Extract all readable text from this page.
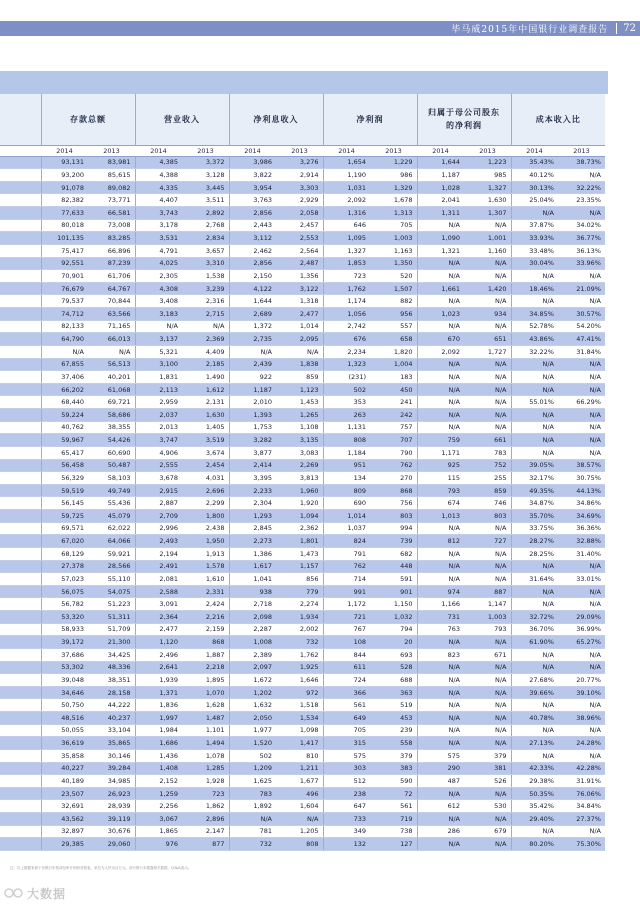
毕马威2015年中国银行业调查报告	72
	存款总额		营业收入		净利息收入		净利润		归属于母公司股东的净利润		成本收入比	
	2014	2013	2014	2013	2014	2013	2014	2013	2014	2013	2014	2013
	93,131	83,981	4,385	3,372	3,986	3,276	1,654	1,229	1,644	1,223	35.43%	38.73%
	93,200	85,615	4,388	3,128	3,822	2,914	1,190	986	1,187	985	40.12%	N/A
	91,078	89,082	4,335	3,445	3,954	3,303	1,031	1,329	1,028	1,327	30.13%	32.22%
	82,382	73,771	4,407	3,511	3,763	2,929	2,092	1,678	2,041	1,630	25.04%	23.35%
	77,633	66,581	3,743	2,892	2,856	2,058	1,316	1,313	1,311	1,307	N/A	N/A
	80,018	73,008	3,178	2,768	2,443	2,457	646	705	N/A	N/A	37.87%	34.02%
	101,135	83,285	3,531	2,834	3,112	2,553	1,095	1,003	1,090	1,001	33.93%	36.77%
	75,417	66,896	4,791	3,657	2,462	2,564	1,327	1,163	1,321	1,160	33.48%	36.13%
	92,551	87,239	4,025	3,310	2,856	2,487	1,853	1,350	N/A	N/A	30.04%	33.96%
	70,901	61,706	2,305	1,538	2,150	1,356	723	520	N/A	N/A	N/A	N/A
	76,679	64,767	4,308	3,239	4,122	3,122	1,762	1,507	1,661	1,420	18.46%	21.09%
	79,537	70,844	3,408	2,316	1,644	1,318	1,174	882	N/A	N/A	N/A	N/A
	74,712	63,566	3,183	2,715	2,689	2,477	1,056	956	1,023	934	34.85%	30.57%
	82,133	71,165	N/A	N/A	1,372	1,014	2,742	557	N/A	N/A	52.78%	54.20%
	64,790	66,013	3,137	2,369	2,735	2,095	676	658	670	651	43.86%	47.41%
	N/A	N/A	5,321	4,409	N/A	N/A	2,234	1,820	2,092	1,727	32.22%	31.84%
	67,855	56,513	3,100	2,185	2,439	1,838	1,323	1,004	N/A	N/A	N/A	N/A
	37,406	40,201	1,831	1,490	922	859	(231)	183	N/A	N/A	N/A	N/A
	66,202	61,068	2,113	1,612	1,187	1,123	502	450	N/A	N/A	N/A	N/A
	68,440	69,721	2,959	2,131	2,010	1,453	353	241	N/A	N/A	55.01%	66.29%
	59,224	58,686	2,037	1,630	1,393	1,265	263	242	N/A	N/A	N/A	N/A
	40,762	38,355	2,013	1,405	1,753	1,108	1,131	757	N/A	N/A	N/A	N/A
	59,967	54,426	3,747	3,519	3,282	3,135	808	707	759	661	N/A	N/A
	65,417	60,690	4,906	3,674	3,877	3,083	1,184	790	1,171	783	N/A	N/A
	56,458	50,487	2,555	2,454	2,414	2,269	951	762	925	752	39.05%	38.57%
	56,329	58,103	3,678	4,031	3,395	3,813	134	270	115	255	32.17%	30.75%
	59,519	49,749	2,915	2,696	2,233	1,960	809	868	793	859	49.35%	44.13%
	56,145	55,436	2,887	2,299	2,304	1,920	690	756	674	746	34.87%	34.86%
	59,725	45,079	2,709	1,800	1,293	1,094	1,014	803	1,013	803	35.70%	34.69%
	69,571	62,022	2,996	2,438	2,845	2,362	1,037	994	N/A	N/A	33.75%	36.36%
	67,020	64,066	2,493	1,950	2,273	1,801	824	739	812	727	28.27%	32.88%
	68,129	59,921	2,194	1,913	1,386	1,473	791	682	N/A	N/A	28.25%	31.40%
	27,378	28,566	2,491	1,578	1,617	1,157	762	448	N/A	N/A	N/A	N/A
	57,023	55,110	2,081	1,610	1,041	856	714	591	N/A	N/A	31.64%	33.01%
	56,075	54,075	2,588	2,331	938	779	991	901	974	887	N/A	N/A
	56,782	51,223	3,091	2,424	2,718	2,274	1,172	1,150	1,166	1,147	N/A	N/A
	53,320	51,311	2,364	2,216	2,098	1,934	721	1,032	731	1,003	32.72%	29.09%
	58,933	51,709	2,477	2,159	2,287	2,002	767	794	763	793	36.70%	36.99%
	39,172	21,300	1,120	868	1,008	732	108	20	N/A	N/A	61.90%	65.27%
	37,686	34,425	2,496	1,887	2,389	1,762	844	693	823	671	N/A	N/A
	53,302	48,336	2,641	2,218	2,097	1,925	611	528	N/A	N/A	N/A	N/A
	39,048	38,351	1,939	1,895	1,672	1,646	724	688	N/A	N/A	27.68%	20.77%
	34,646	28,158	1,371	1,070	1,202	972	366	363	N/A	N/A	39.66%	39.10%
	50,750	44,222	1,836	1,628	1,632	1,518	561	519	N/A	N/A	N/A	N/A
	48,516	40,237	1,997	1,487	2,050	1,534	649	453	N/A	N/A	40.78%	38.96%
	50,055	33,104	1,984	1,101	1,977	1,098	705	239	N/A	N/A	N/A	N/A
	36,619	35,865	1,686	1,494	1,520	1,417	315	558	N/A	N/A	27.13%	24.28%
	35,858	30,146	1,436	1,078	502	810	575	379	575	379	N/A	N/A
	40,227	39,284	1,408	1,285	1,209	1,211	303	383	290	381	42.33%	42.28%
	40,189	34,985	2,152	1,928	1,625	1,677	512	590	487	526	29.38%	31.91%
	23,507	26,923	1,259	723	783	496	238	72	N/A	N/A	50.35%	76.06%
	32,691	28,939	2,256	1,862	1,892	1,604	647	561	612	530	35.42%	34.84%
	43,562	39,119	3,067	2,896	N/A	N/A	733	719	N/A	N/A	29.40%	27.37%
	32,897	30,676	1,865	2,147	781	1,205	349	738	286	679	N/A	N/A
	29,385	29,060	976	877	732	808	132	127	N/A	N/A	80.20%	75.30%
注：以上数据来源于各银行年报或经审计的财务报表，单位为人民币百万元。部分银行未披露相关数据，以N/A表示。
大数据
